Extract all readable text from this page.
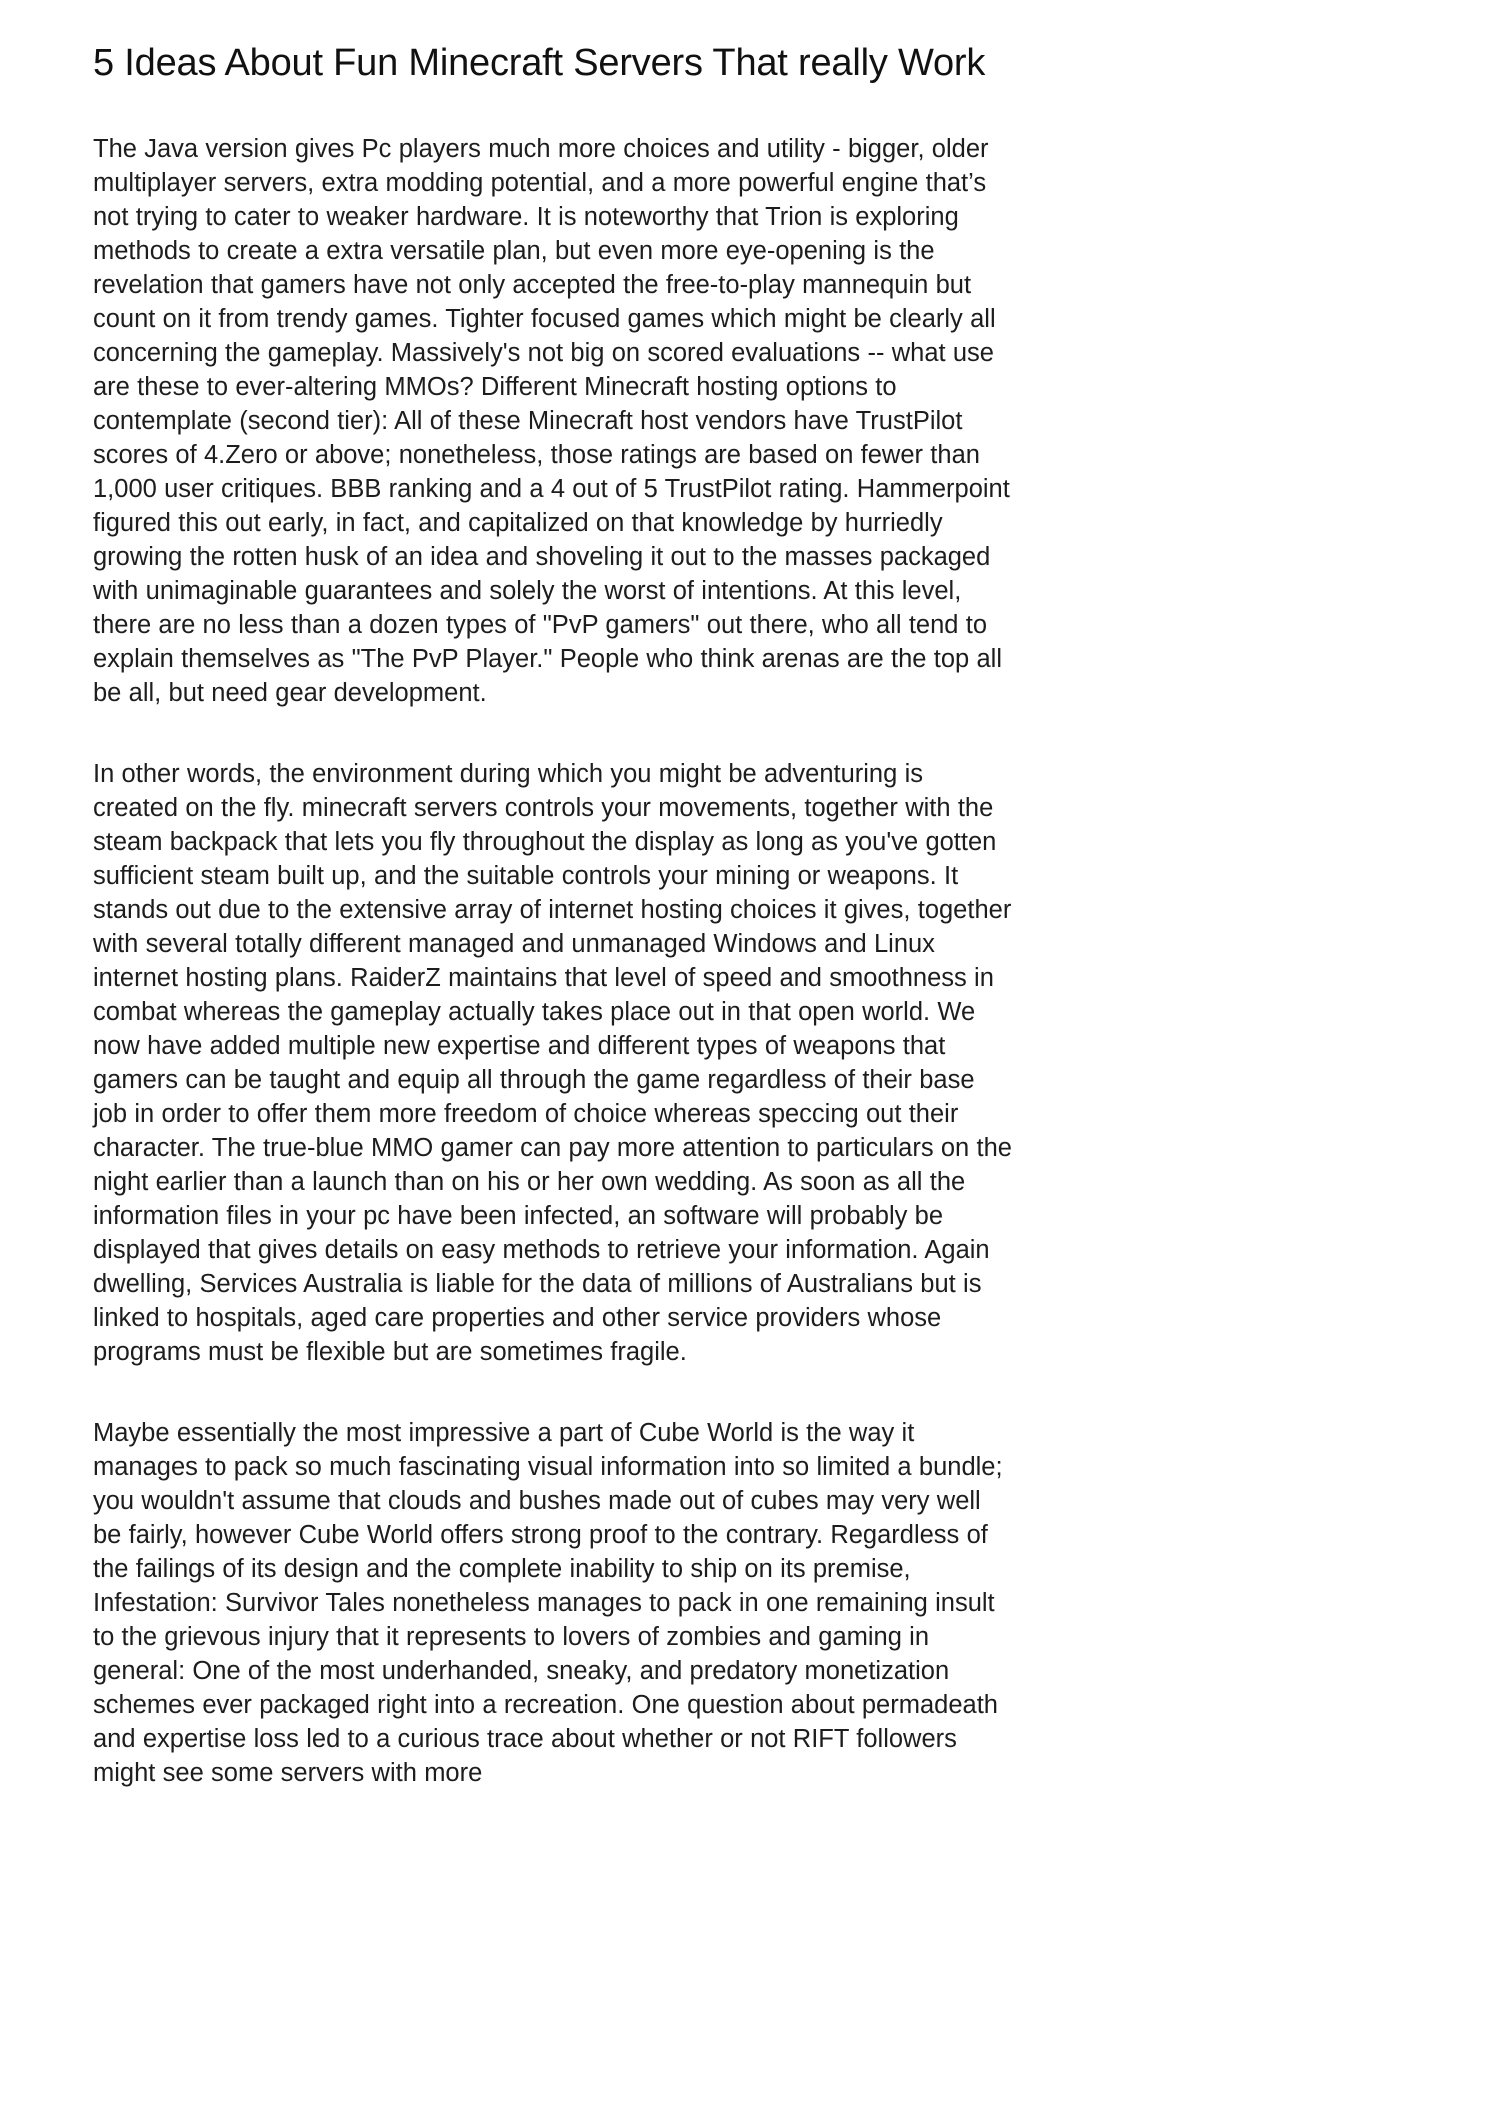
5 Ideas About Fun Minecraft Servers That really Work

The Java version gives Pc players much more choices and utility - bigger, older multiplayer servers, extra modding potential, and a more powerful engine that’s not trying to cater to weaker hardware. It is noteworthy that Trion is exploring methods to create a extra versatile plan, but even more eye-opening is the revelation that gamers have not only accepted the free-to-play mannequin but count on it from trendy games. Tighter focused games which might be clearly all concerning the gameplay. Massively's not big on scored evaluations -- what use are these to ever-altering MMOs? Different Minecraft hosting options to contemplate (second tier): All of these Minecraft host vendors have TrustPilot scores of 4.Zero or above; nonetheless, those ratings are based on fewer than 1,000 user critiques. BBB ranking and a 4 out of 5 TrustPilot rating. Hammerpoint figured this out early, in fact, and capitalized on that knowledge by hurriedly growing the rotten husk of an idea and shoveling it out to the masses packaged with unimaginable guarantees and solely the worst of intentions. At this level, there are no less than a dozen types of "PvP gamers" out there, who all tend to explain themselves as "The PvP Player." People who think arenas are the top all be all, but need gear development.

In other words, the environment during which you might be adventuring is created on the fly. minecraft servers controls your movements, together with the steam backpack that lets you fly throughout the display as long as you've gotten sufficient steam built up, and the suitable controls your mining or weapons. It stands out due to the extensive array of internet hosting choices it gives, together with several totally different managed and unmanaged Windows and Linux internet hosting plans. RaiderZ maintains that level of speed and smoothness in combat whereas the gameplay actually takes place out in that open world. We now have added multiple new expertise and different types of weapons that gamers can be taught and equip all through the game regardless of their base job in order to offer them more freedom of choice whereas speccing out their character. The true-blue MMO gamer can pay more attention to particulars on the night earlier than a launch than on his or her own wedding. As soon as all the information files in your pc have been infected, an software will probably be displayed that gives details on easy methods to retrieve your information. Again dwelling, Services Australia is liable for the data of millions of Australians but is linked to hospitals, aged care properties and other service providers whose programs must be flexible but are sometimes fragile.

Maybe essentially the most impressive a part of Cube World is the way it manages to pack so much fascinating visual information into so limited a bundle; you wouldn't assume that clouds and bushes made out of cubes may very well be fairly, however Cube World offers strong proof to the contrary. Regardless of the failings of its design and the complete inability to ship on its premise, Infestation: Survivor Tales nonetheless manages to pack in one remaining insult to the grievous injury that it represents to lovers of zombies and gaming in general: One of the most underhanded, sneaky, and predatory monetization schemes ever packaged right into a recreation. One question about permadeath and expertise loss led to a curious trace about whether or not RIFT followers might see some servers with more
